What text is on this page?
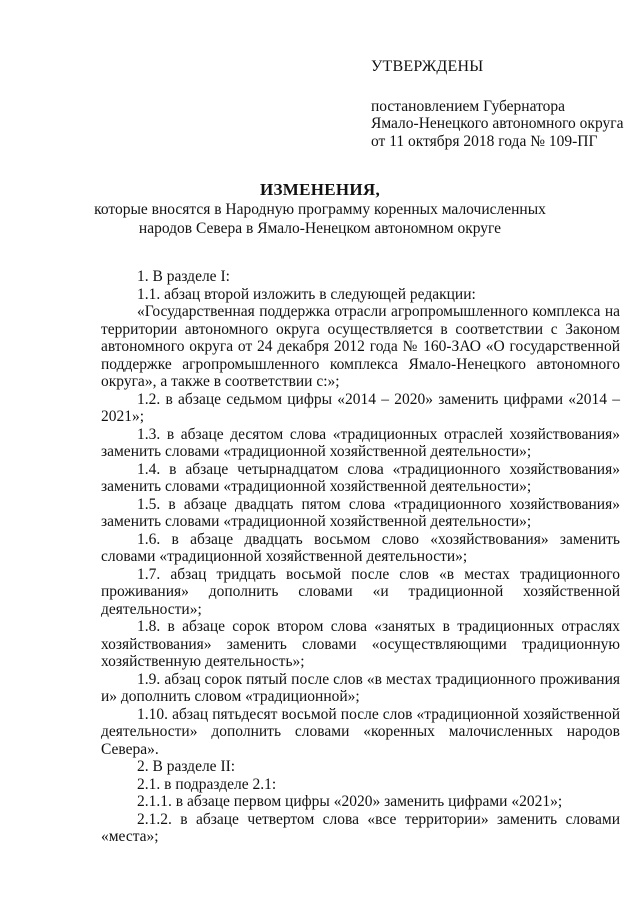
УТВЕРЖДЕНЫ
постановлением Губернатора
Ямало-Ненецкого автономного округа
от 11 октября 2018 года № 109-ПГ
ИЗМЕНЕНИЯ,
которые вносятся в Народную программу коренных малочисленных
народов Севера в Ямало-Ненецком автономном округе

1. В разделе I:

1.1. абзац второй изложить в следующей редакции:

«Государственная поддержка отрасли агропромышленного комплекса на территории автономного округа осуществляется в соответствии с Законом автономного округа от 24 декабря 2012 года № 160-ЗАО «О государственной поддержке агропромышленного комплекса Ямало-Ненецкого автономного округа», а также в соответствии с:»;

1.2. в абзаце седьмом цифры «2014 – 2020» заменить цифрами «2014 – 2021»;

1.3. в абзаце десятом слова «традиционных отраслей хозяйствования» заменить словами «традиционной хозяйственной деятельности»;

1.4. в абзаце четырнадцатом слова «традиционного хозяйствования» заменить словами «традиционной хозяйственной деятельности»;

1.5. в абзаце двадцать пятом слова «традиционного хозяйствования» заменить словами «традиционной хозяйственной деятельности»;

1.6. в абзаце двадцать восьмом слово «хозяйствования» заменить словами «традиционной хозяйственной деятельности»;

1.7. абзац тридцать восьмой после слов «в местах традиционного проживания» дополнить словами «и традиционной хозяйственной деятельности»;

1.8. в абзаце сорок втором слова «занятых в традиционных отраслях хозяйствования» заменить словами «осуществляющими традиционную хозяйственную деятельность»;

1.9. абзац сорок пятый после слов «в местах традиционного проживания и» дополнить словом «традиционной»;

1.10. абзац пятьдесят восьмой после слов «традиционной хозяйственной деятельности» дополнить словами «коренных малочисленных народов Севера».

2. В разделе II:

2.1. в подразделе 2.1:

2.1.1. в абзаце первом цифры «2020» заменить цифрами «2021»;

2.1.2. в абзаце четвертом слова «все территории» заменить словами «места»;
